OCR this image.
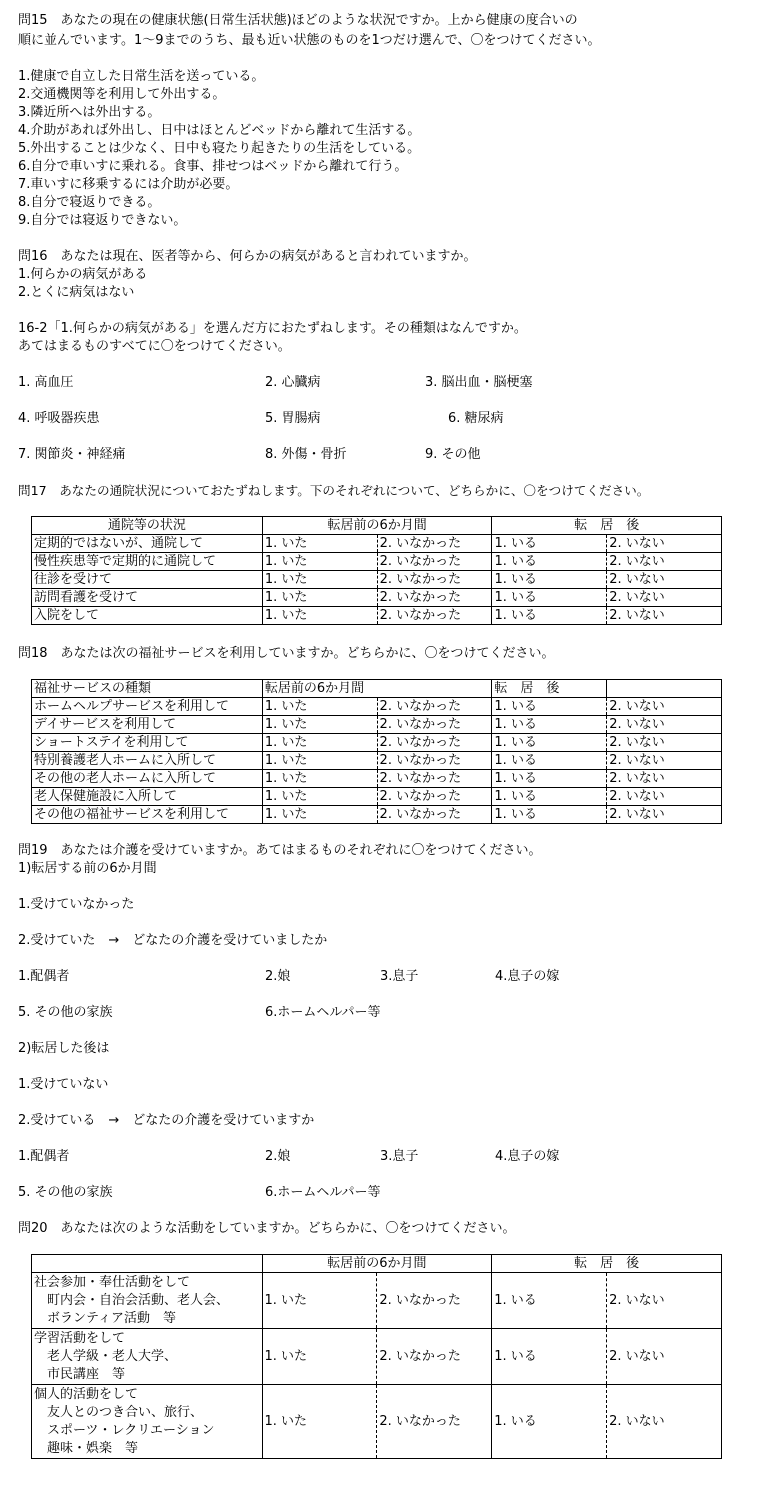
問15　あなたの現在の健康状態(日常生活状態)ほどのような状況ですか。上から健康の度合いの
順に並んでいます。1～9までのうち、最も近い状態のものを1つだけ選んで、〇をつけてください。
1.健康で自立した日常生活を送っている。
2.交通機関等を利用して外出する。
3.隣近所へは外出する。
4.介助があれば外出し、日中はほとんどベッドから離れて生活する。
5.外出することは少なく、日中も寝たり起きたりの生活をしている。
6.自分で車いすに乗れる。食事、排せつはベッドから離れて行う。
7.車いすに移乗するには介助が必要。
8.自分で寝返りできる。
9.自分では寝返りできない。
問16　あなたは現在、医者等から、何らかの病気があると言われていますか。
1.何らかの病気がある
2.とくに病気はない
16-2「1.何らかの病気がある」を選んだ方におたずねします。その種類はなんですか。
あてはまるものすべてに〇をつけてください。
1. 高血圧	2. 心臓病	3. 脳出血・脳梗塞
4. 呼吸器疾患	5. 胃腸病	6. 糖尿病
7. 関節炎・神経痛	8. 外傷・骨折	9. その他
問17　あなたの通院状況についておたずねします。下のそれぞれについて、どちらかに、〇をつけてください。
通院等の状況	転居前の6か月間		転　居　後	
定期的ではないが、通院して	1. いた	2. いなかった	1. いる	2. いない
慢性疾患等で定期的に通院して	1. いた	2. いなかった	1. いる	2. いない
往診を受けて	1. いた	2. いなかった	1. いる	2. いない
訪問看護を受けて	1. いた	2. いなかった	1. いる	2. いない
入院をして	1. いた	2. いなかった	1. いる	2. いない
問18　あなたは次の福祉サービスを利用していますか。どちらかに、〇をつけてください。
福祉サービスの種類	転居前の6か月間		転　居　後	
ホームヘルプサービスを利用して	1. いた	2. いなかった	1. いる	2. いない
デイサービスを利用して	1. いた	2. いなかった	1. いる	2. いない
ショートステイを利用して	1. いた	2. いなかった	1. いる	2. いない
特別養護老人ホームに入所して	1. いた	2. いなかった	1. いる	2. いない
その他の老人ホームに入所して	1. いた	2. いなかった	1. いる	2. いない
老人保健施設に入所して	1. いた	2. いなかった	1. いる	2. いない
その他の福祉サービスを利用して	1. いた	2. いなかった	1. いる	2. いない
問19　あなたは介護を受けていますか。あてはまるものそれぞれに〇をつけてください。
1)転居する前の6か月間
1.受けていなかった
2.受けていた　→　どなたの介護を受けていましたか
1.配偶者	2.娘	3.息子	4.息子の嫁
5. その他の家族	6.ホームヘルパー等
2)転居した後は
1.受けていない
2.受けている　→　どなたの介護を受けていますか
1.配偶者	2.娘	3.息子	4.息子の嫁
5. その他の家族	6.ホームヘルパー等
問20　あなたは次のような活動をしていますか。どちらかに、〇をつけてください。
	転居前の6か月間		転　居　後	

社会参加・奉仕活動をして
　町内会・自治会活動、老人会、
　ボランティア活動　等	1. いた	2. いなかった	1. いる	2. いない

学習活動をして
　老人学級・老人大学、
　市民講座　等	1. いた	2. いなかった	1. いる	2. いない

個人的活動をして
　友人とのつき合い、旅行、
　スポーツ・レクリエーション
　趣味・娯楽　等	1. いた	2. いなかった	1. いる	2. いない
